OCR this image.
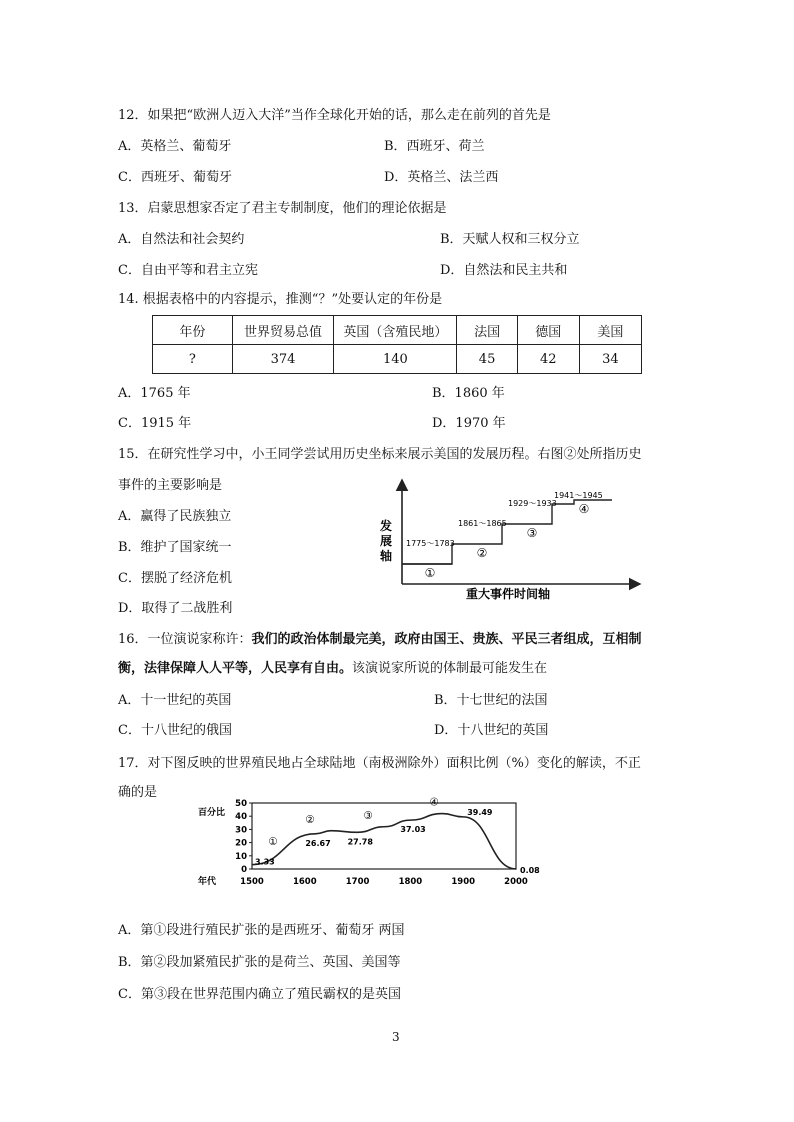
12．如果把“欧洲人迈入大洋”当作全球化开始的话，那么走在前列的首先是
A．英格兰、葡萄牙	B．西班牙、荷兰
C．西班牙、葡萄牙	D．英格兰、法兰西
13．启蒙思想家否定了君主专制制度，他们的理论依据是
A．自然法和社会契约	B．天赋人权和三权分立
C．自由平等和君主立宪	D．自然法和民主共和
14. 根据表格中的内容提示，推测“？”处要认定的年份是
年份	世界贸易总值	英国（含殖民地）	法国	德国	美国
?	374	140	45	42	34
A．1765 年	B．1860 年
C．1915 年	D．1970 年
15．在研究性学习中，小王同学尝试用历史坐标来展示美国的发展历程。右图②处所指历史
事件的主要影响是
A．赢得了民族独立
B．维护了国家统一
C．摆脱了经济危机
D．取得了二战胜利
发 展 轴
重大事件时间轴
1775～1783
①
1861～1865
②
1929～1933
③
1941～1945
④
16．一位演说家称许：我们的政治体制最完美，政府由国王、贵族、平民三者组成，互相制
衡，法律保障人人平等，人民享有自由。该演说家所说的体制最可能发生在
A．十一世纪的英国	B．十七世纪的法国
C．十八世纪的俄国	D．十八世纪的英国
17．对下图反映的世界殖民地占全球陆地（南极洲除外）面积比例（%）变化的解读，不正
确的是
百分比
年代
0
10
20
30
40
50
1500	1600	1700	1800	1900	2000
3.33
26.67 27.78
37.03
39.49
0.08
①
②	③
④
A．第①段进行殖民扩张的是西班牙、葡萄牙 两国
B．第②段加紧殖民扩张的是荷兰、英国、美国等
C．第③段在世界范围内确立了殖民霸权的是英国
3
